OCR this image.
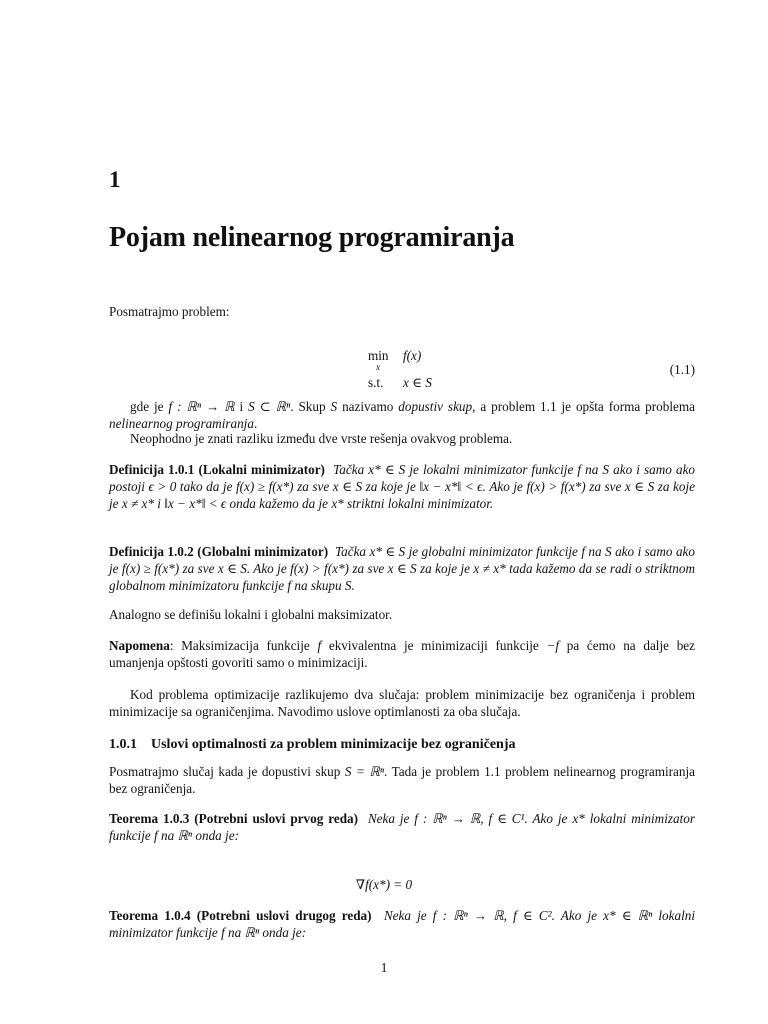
1
Pojam nelinearnog programiranja

Posmatrajmo problem:

min
x
f(x)
(1.1)
s.t. x ∈ S

gde je f : ℝⁿ → ℝ i S ⊂ ℝⁿ. Skup S nazivamo dopustiv skup, a problem 1.1 je opšta forma problema nelinearnog programiranja.

Neophodno je znati razliku između dve vrste rešenja ovakvog problema.

Definicija 1.0.1 (Lokalni minimizator) Tačka x* ∈ S je lokalni minimizator funkcije f na S ako i samo ako postoji ϵ > 0 tako da je f(x) ≥ f(x*) za sve x ∈ S za koje je ‖x − x*‖ < ϵ. Ako je f(x) > f(x*) za sve x ∈ S za koje je x ≠ x* i ‖x − x*‖ < ϵ onda kažemo da je x* striktni lokalni minimizator.

Definicija 1.0.2 (Globalni minimizator) Tačka x* ∈ S je globalni minimizator funkcije f na S ako i samo ako je f(x) ≥ f(x*) za sve x ∈ S. Ako je f(x) > f(x*) za sve x ∈ S za koje je x ≠ x* tada kažemo da se radi o striktnom globalnom minimizatoru funkcije f na skupu S.

Analogno se definišu lokalni i globalni maksimizator.

Napomena: Maksimizacija funkcije f ekvivalentna je minimizaciji funkcije −f pa ćemo na dalje bez umanjenja opštosti govoriti samo o minimizaciji.

Kod problema optimizacije razlikujemo dva slučaja: problem minimizacije bez ograničenja i problem minimizacije sa ograničenjima. Navodimo uslove optimlanosti za oba slučaja.

1.0.1 Uslovi optimalnosti za problem minimizacije bez ograničenja

Posmatrajmo slučaj kada je dopustivi skup S = ℝⁿ. Tada je problem 1.1 problem nelinearnog programiranja bez ograničenja.

Teorema 1.0.3 (Potrebni uslovi prvog reda) Neka je f : ℝⁿ → ℝ, f ∈ C¹. Ako je x* lokalni minimizator funkcije f na ℝⁿ onda je:

∇f(x*) = 0

Teorema 1.0.4 (Potrebni uslovi drugog reda) Neka je f : ℝⁿ → ℝ, f ∈ C². Ako je x* ∈ ℝⁿ lokalni minimizator funkcije f na ℝⁿ onda je:

1
